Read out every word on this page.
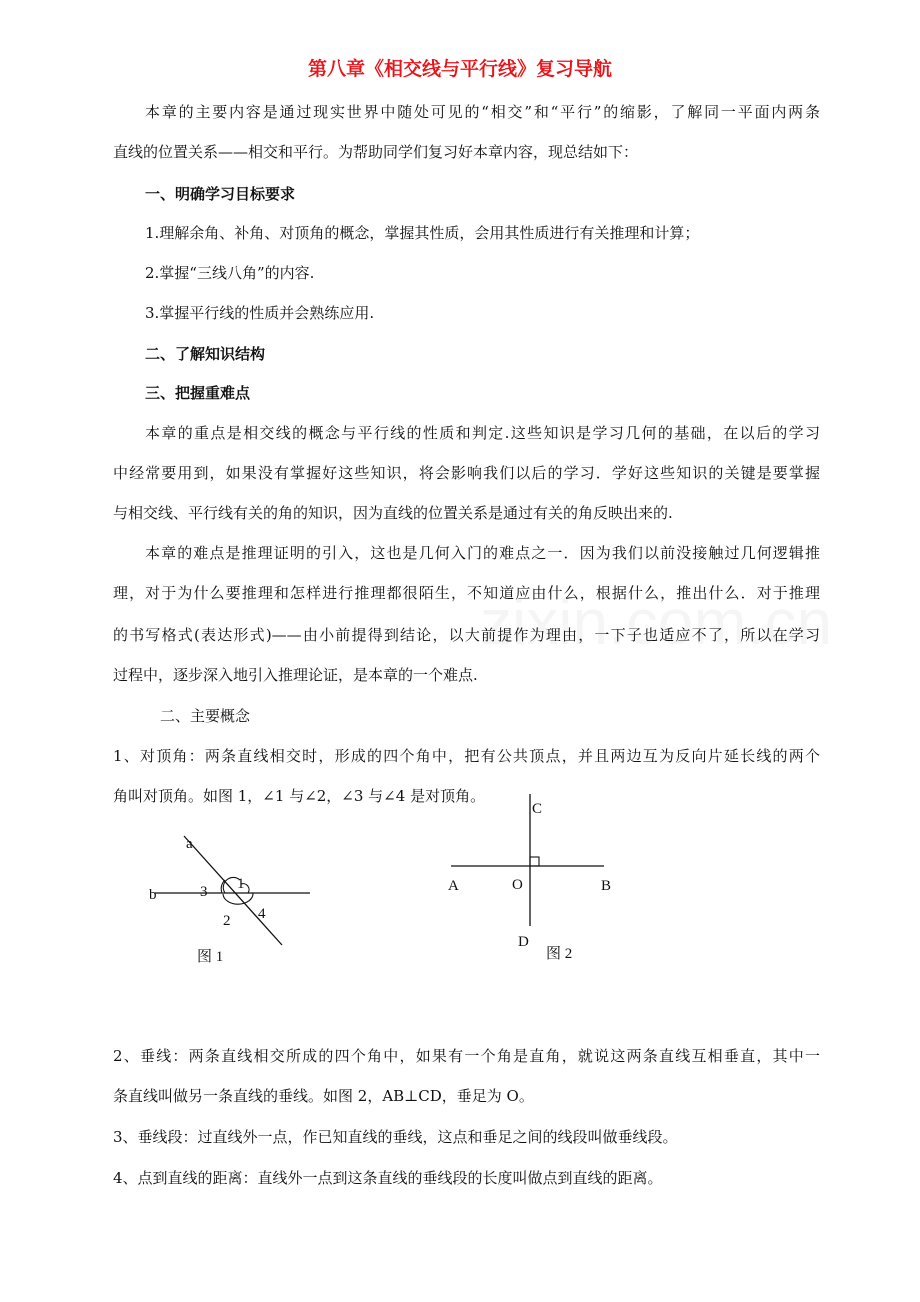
第八章《相交线与平行线》复习导航
本章的主要内容是通过现实世界中随处可见的“相交”和“平行”的缩影，了解同一平面内两条
直线的位置关系——相交和平行。为帮助同学们复习好本章内容，现总结如下：
一、明确学习目标要求
1.理解余角、补角、对顶角的概念，掌握其性质，会用其性质进行有关推理和计算；
2.掌握“三线八角”的内容.
3.掌握平行线的性质并会熟练应用.
二、了解知识结构
三、把握重难点
本章的重点是相交线的概念与平行线的性质和判定.这些知识是学习几何的基础，在以后的学习
中经常要用到，如果没有掌握好这些知识，将会影响我们以后的学习．学好这些知识的关键是要掌握
与相交线、平行线有关的角的知识，因为直线的位置关系是通过有关的角反映出来的.
本章的难点是推理证明的引入，这也是几何入门的难点之一．因为我们以前没接触过几何逻辑推
理，对于为什么要推理和怎样进行推理都很陌生，不知道应由什么，根据什么，推出什么．对于推理
的书写格式(表达形式)——由小前提得到结论，以大前提作为理由，一下子也适应不了，所以在学习
过程中，逐步深入地引入推理论证，是本章的一个难点.
二、主要概念
1、对顶角：两条直线相交时，形成的四个角中，把有公共顶点，并且两边互为反向片延长线的两个
角叫对顶角。如图 1，∠1 与∠2，∠3 与∠4 是对顶角。
a
b	3 1
2 4
图 1
C
A	O	B
D
图 2
2、垂线：两条直线相交所成的四个角中，如果有一个角是直角，就说这两条直线互相垂直，其中一
条直线叫做另一条直线的垂线。如图 2，AB⊥CD，垂足为 O。
3、垂线段：过直线外一点，作已知直线的垂线，这点和垂足之间的线段叫做垂线段。
4、点到直线的距离：直线外一点到这条直线的垂线段的长度叫做点到直线的距离。
